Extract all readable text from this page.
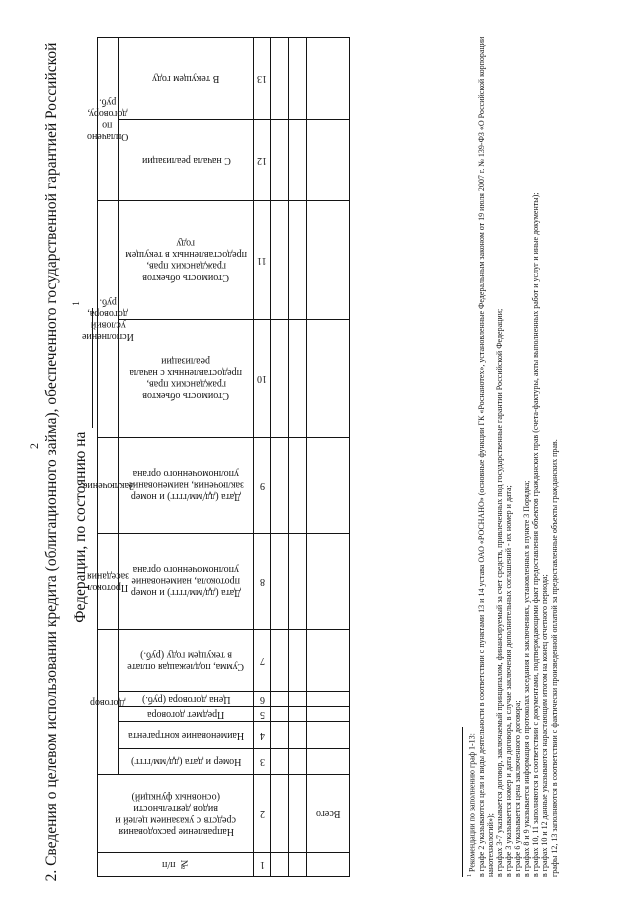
2 2. Сведения о целевом использовании кредита (облигационного займа), обеспеченного государственной гарантией Российской Федерации, по состоянию на $^1$
№ п/п	Направление расходования средств с указанием целей и видов деятельности (основных функций)	Договор					Протокол заседания	Заключение	Исполнение условий договора, руб.		Оплачено по договору, руб.	

		Номер и дата (дд/мм/гггг)	Наименование контрагента	Предмет договора	Цена договора (руб.)	Сумма, подлежащая оплате в текущем году (руб.)	Дата (дд/мм/гггг) и номер протокола, наименование уполномоченного органа	Дата (дд/мм/гггг) и номер заключения, наименование уполномоченного органа	Стоимость объектов гражданских прав, предоставленных с начала реализации	Стоимость объектов гражданских прав, предоставленных в текущем году	С начала реализации	В текущем году

1	2	3	4	5	6	7	8	9	10	11	12	13

	Всего											

$^1$ Рекомендации по заполнению граф 1-13: в графе 2 указываются цели и виды деятельности в соответствии с пунктами 13 и 14 устава ОАО «РОСНАНО» (основные функции ГК «Роснанотех», установленные Федеральным законом от 19 июля 2007 г. № 139-ФЗ «О Российской корпорации нанотехнологий»); в графах 3-7 указывается договор, заключаемый принципалом, финансируемый за счет средств, привлеченных под государственные гарантии Российской Федерации; в графе 3 указывается номер и дата договора, в случае заключения дополнительных соглашений - их номер и дата; в графе 6 указывается цена заключенного договора; в графах 8 и 9 указывается информация о протоколах заседания и заключениях, установленных в пункте 3 Порядка; в графах 10, 11 заполняются в соответствии с документами, подтверждающими факт предоставления объектов гражданских прав (счета-фактуры, акты выполненных работ и услуг и иные документы); в графах 10 и 12 данные указываются нарастающим итогом на конец отчетного периода; графы 12, 13 заполняются в соответствии с фактически произведенной оплатой за предоставленные объекты гражданских прав.
